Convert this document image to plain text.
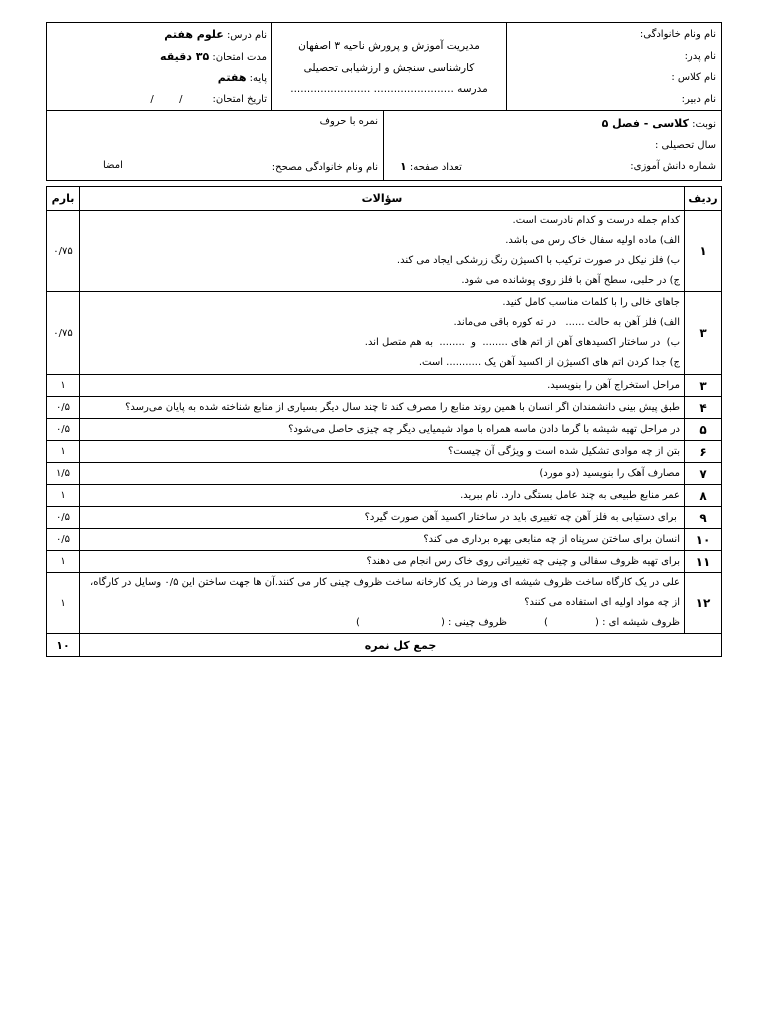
نام ونام خانوادگی:
نام پدر:
نام کلاس :
نام دبیر:
مدیریت آموزش و پرورش ناحیه ۳ اصفهان
کارشناسی سنجش و ارزشیابی تحصیلی
مدرسه ........................ ........................
نام درس: علوم هفتم
مدت امتحان: ۳۵ دقیقه
پایه: هفتم
تاریخ امتحان:/        /
نوبت: کلاسی - فصل ۵
سال تحصیلی :
شماره دانش آموزی:
تعداد صفحه: ۱
نمره با حروف
نام ونام خانوادگی مصحح:
امضا
ردیف	سؤالات	بارم
۱	کدام جمله درست و کدام نادرست است.
الف) ماده اولیه سفال خاک رس می باشد.
ب) فلز نیکل در صورت ترکیب با اکسیژن رنگ زرشکی ایجاد می کند.
ج) در حلبی، سطح آهن با فلز روی پوشانده می شود.	۰/۷۵
۳	جاهای خالی را با کلمات مناسب کامل کنید.
الف) فلز آهن به حالت ......   در ته کوره باقی می‌ماند.
ب)  در ساختار اکسیدهای آهن از اتم های ........  و  ........  به هم متصل اند.
ج) جدا کردن اتم های اکسیژن از اکسید آهن یک ........... است.	۰/۷۵
۳	مراحل استخراج آهن را بنویسید.	۱
۴	طبق پیش بینی دانشمندان اگر انسان با همین روند منابع را مصرف کند تا چند سال دیگر بسیاری از منابع شناخته شده به پایان می‌رسد؟	۰/۵
۵	در مراحل تهیه شیشه با گرما دادن ماسه همراه با مواد شیمیایی دیگر چه چیزی حاصل می‌شود؟	۰/۵
۶	بتن از چه موادی تشکیل شده است و ویژگی آن چیست؟	۱
۷	مصارف آهک را بنویسید (دو مورد)	۱/۵
۸	عمر منابع طبیعی به چند عامل بستگی دارد. نام ببرید.	۱
۹	برای دستیابی به فلز آهن چه تغییری باید در ساختار اکسید آهن صورت گیرد؟	۰/۵
۱۰	انسان برای ساختن سرپناه از چه منابعی بهره برداری می کند؟	۰/۵
۱۱	برای تهیه ظروف سفالی و چینی چه تغییراتی روی خاک رس انجام می دهند؟	۱
۱۲	علی در یک کارگاه ساخت ظروف شیشه ای ورضا در یک کارخانه ساخت ظروف چینی کار می کنند.آن ها جهت ساختن این ۰/۵ وسایل در کارگاه، از چه مواد اولیه ای استفاده می کنند؟
ظروف شیشه ای : (
)
ظروف چینی : (
)	۱
جمع کل نمره		۱۰
